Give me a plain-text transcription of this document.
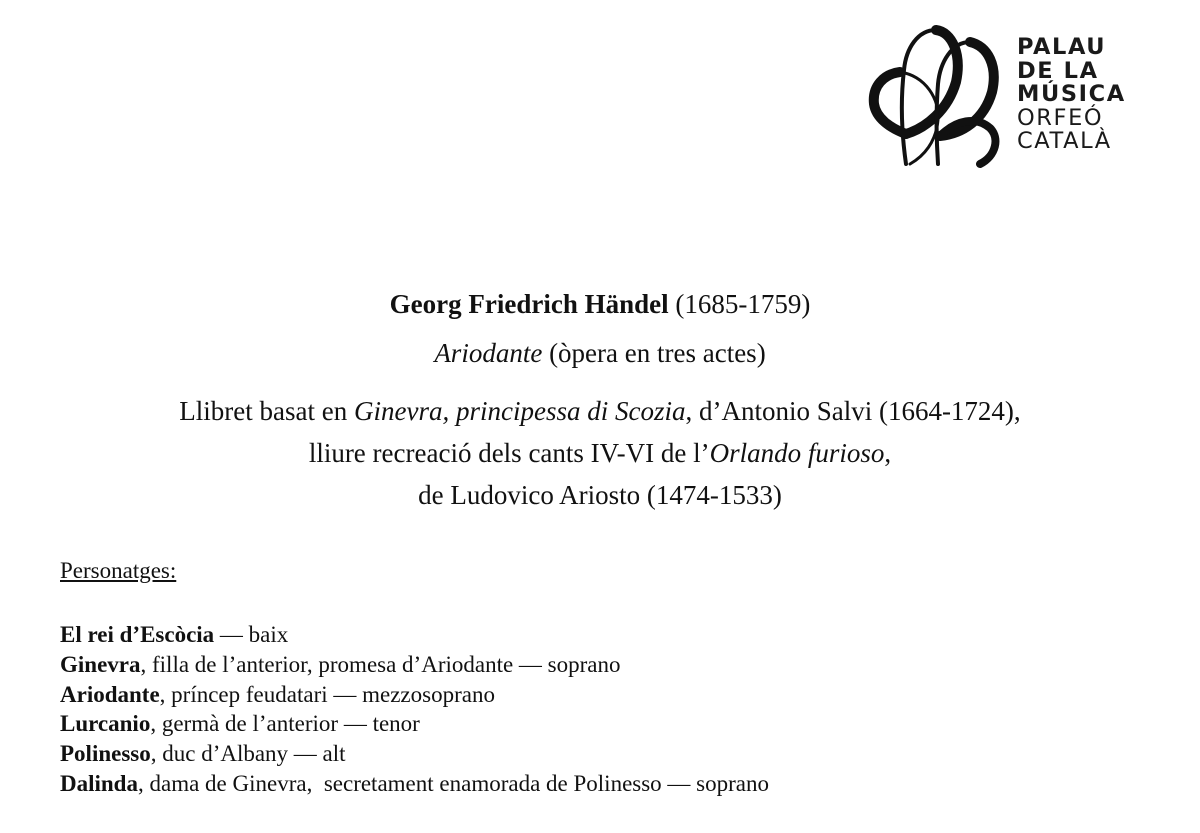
PALAU
DE LA
MÚSICA
ORFEÓ
CATALÀ
Georg Friedrich Händel (1685-1759)
Ariodante (òpera en tres actes)
Llibret basat en Ginevra, principessa di Scozia, d’Antonio Salvi (1664-1724),
lliure recreació dels cants IV-VI de l’Orlando furioso,
de Ludovico Ariosto (1474-1533)
Personatges:
El rei d’Escòcia — baix
Ginevra, filla de l’anterior, promesa d’Ariodante — soprano
Ariodante, príncep feudatari — mezzosoprano
Lurcanio, germà de l’anterior — tenor
Polinesso, duc d’Albany — alt
Dalinda, dama de Ginevra,  secretament enamorada de Polinesso — soprano
